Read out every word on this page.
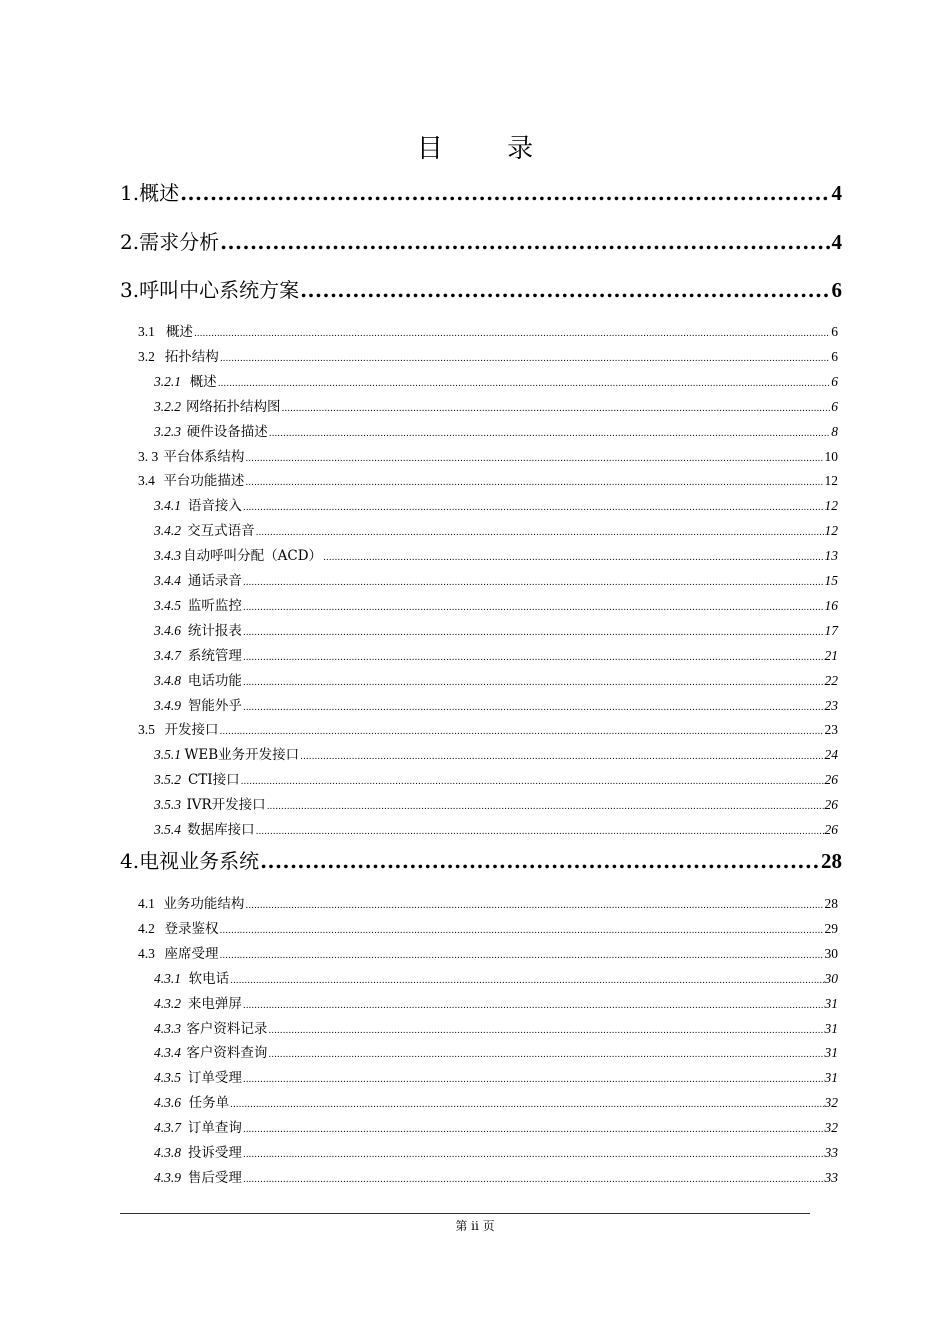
目 录
1. 概述 .....	4
2. 需求分析 .....	4
3. 呼叫中心系统方案 .....	6
3.1 概述 .....	6
3.2 拓扑结构 .....	6
3.2.1 概述 .....	6
3.2.2 网络拓扑结构图 .....	6
3.2.3 硬件设备描述 .....	8
3. 3 平台体系结构 .....	10
3.4 平台功能描述 .....	12
3.4.1 语音接入 .....	12
3.4.2 交互式语音 .....	12
3.4.3 自动呼叫分配（ACD） .....	13
3.4.4 通话录音 .....	15
3.4.5 监听监控 .....	16
3.4.6 统计报表 .....	17
3.4.7 系统管理 .....	21
3.4.8 电话功能 .....	22
3.4.9 智能外乎 .....	23
3.5 开发接口 .....	23
3.5.1 WEB业务开发接口 .....	24
3.5.2 CTI接口 .....	26
3.5.3 IVR开发接口 .....	26
3.5.4 数据库接口 .....	26
4. 电视业务系统 .....	28
4.1 业务功能结构 .....	28
4.2 登录鉴权 .....	29
4.3 座席受理 .....	30
4.3.1 软电话 .....	30
4.3.2 来电弹屏 .....	31
4.3.3 客户资料记录 .....	31
4.3.4 客户资料查询 .....	31
4.3.5 订单受理 .....	31
4.3.6 任务单 .....	32
4.3.7 订单查询 .....	32
4.3.8 投诉受理 .....	33
4.3.9 售后受理 .....	33
第 ii 页
